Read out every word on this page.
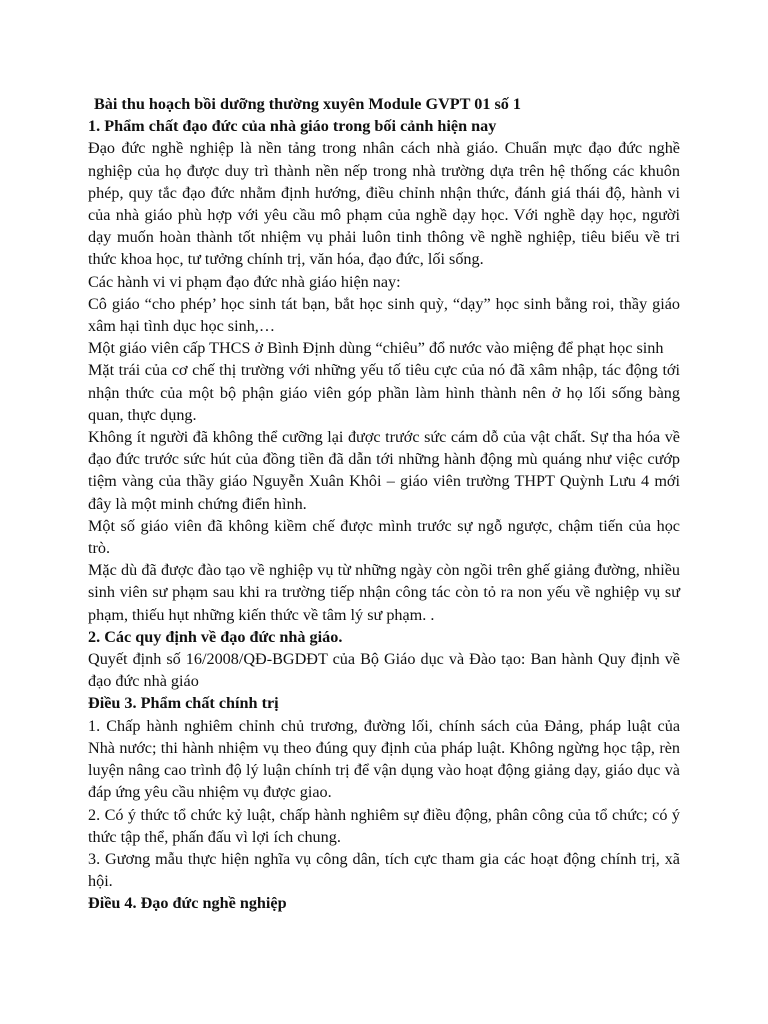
Bài thu hoạch bồi dưỡng thường xuyên Module GVPT 01 số 1

1. Phẩm chất đạo đức của nhà giáo trong bối cảnh hiện nay

Đạo đức nghề nghiệp là nền tảng trong nhân cách nhà giáo. Chuẩn mực đạo đức nghề nghiệp của họ được duy trì thành nền nếp trong nhà trường dựa trên hệ thống các khuôn phép, quy tắc đạo đức nhằm định hướng, điều chỉnh nhận thức, đánh giá thái độ, hành vi của nhà giáo phù hợp với yêu cầu mô phạm của nghề dạy học. Với nghề dạy học, người dạy muốn hoàn thành tốt nhiệm vụ phải luôn tinh thông về nghề nghiệp, tiêu biểu về tri thức khoa học, tư tưởng chính trị, văn hóa, đạo đức, lối sống.

Các hành vi vi phạm đạo đức nhà giáo hiện nay:

Cô giáo “cho phép’ học sinh tát bạn, bắt học sinh quỳ, “dạy” học sinh bằng roi, thầy giáo xâm hại tình dục học sinh,…

Một giáo viên cấp THCS ở Bình Định dùng “chiêu” đổ nước vào miệng để phạt học sinh

Mặt trái của cơ chế thị trường với những yếu tố tiêu cực của nó đã xâm nhập, tác động tới nhận thức của một bộ phận giáo viên góp phần làm hình thành nên ở họ lối sống bàng quan, thực dụng.

Không ít người đã không thể cưỡng lại được trước sức cám dỗ của vật chất. Sự tha hóa về đạo đức trước sức hút của đồng tiền đã dẫn tới những hành động mù quáng như việc cướp tiệm vàng của thầy giáo Nguyễn Xuân Khôi – giáo viên trường THPT Quỳnh Lưu 4 mới đây là một minh chứng điển hình.

Một số giáo viên đã không kiềm chế được mình trước sự ngỗ ngược, chậm tiến của học trò.

Mặc dù đã được đào tạo về nghiệp vụ từ những ngày còn ngồi trên ghế giảng đường, nhiều sinh viên sư phạm sau khi ra trường tiếp nhận công tác còn tỏ ra non yếu về nghiệp vụ sư phạm, thiếu hụt những kiến thức về tâm lý sư phạm. .

2. Các quy định về đạo đức nhà giáo.

Quyết định số 16/2008/QĐ-BGDĐT của Bộ Giáo dục và Đào tạo: Ban hành Quy định về đạo đức nhà giáo

Điều 3. Phẩm chất chính trị

1. Chấp hành nghiêm chỉnh chủ trương, đường lối, chính sách của Đảng, pháp luật của Nhà nước; thi hành nhiệm vụ theo đúng quy định của pháp luật. Không ngừng học tập, rèn luyện nâng cao trình độ lý luận chính trị để vận dụng vào hoạt động giảng dạy, giáo dục và đáp ứng yêu cầu nhiệm vụ được giao.

2. Có ý thức tổ chức kỷ luật, chấp hành nghiêm sự điều động, phân công của tổ chức; có ý thức tập thể, phấn đấu vì lợi ích chung.

3. Gương mẫu thực hiện nghĩa vụ công dân, tích cực tham gia các hoạt động chính trị, xã hội.

Điều 4. Đạo đức nghề nghiệp
